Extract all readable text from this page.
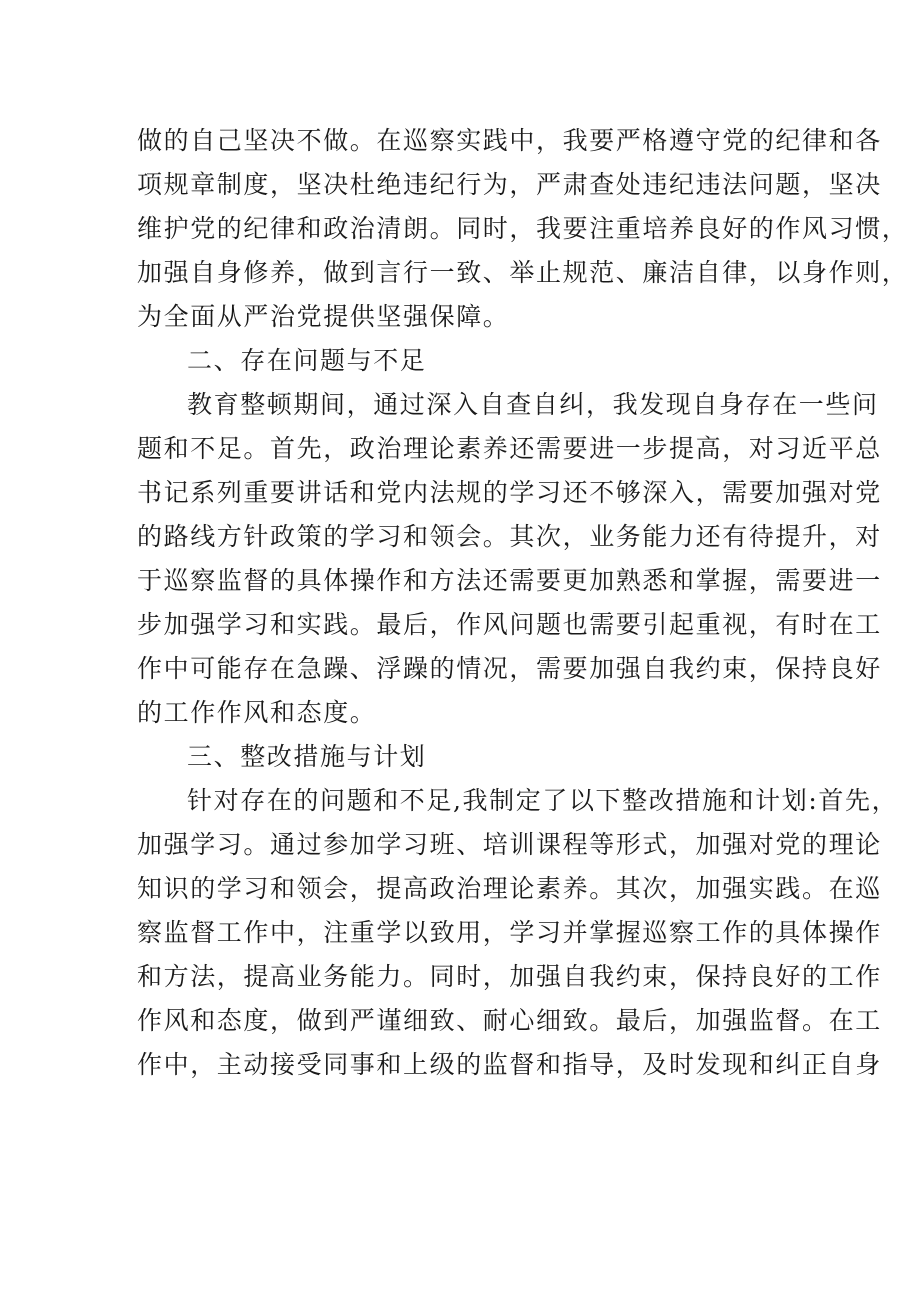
做的自己坚决不做。在巡察实践中，我要严格遵守党的纪律和各
项规章制度，坚决杜绝违纪行为，严肃查处违纪违法问题，坚决
维护党的纪律和政治清朗。同时，我要注重培养良好的作风习惯，
加强自身修养，做到言行一致、举止规范、廉洁自律，以身作则，
为全面从严治党提供坚强保障。
二、存在问题与不足
教育整顿期间，通过深入自查自纠，我发现自身存在一些问
题和不足。首先，政治理论素养还需要进一步提高，对习近平总
书记系列重要讲话和党内法规的学习还不够深入，需要加强对党
的路线方针政策的学习和领会。其次，业务能力还有待提升，对
于巡察监督的具体操作和方法还需要更加熟悉和掌握，需要进一
步加强学习和实践。最后，作风问题也需要引起重视，有时在工
作中可能存在急躁、浮躁的情况，需要加强自我约束，保持良好
的工作作风和态度。
三、整改措施与计划
针对存在的问题和不足,我制定了以下整改措施和计划:首先，
加强学习。通过参加学习班、培训课程等形式，加强对党的理论
知识的学习和领会，提高政治理论素养。其次，加强实践。在巡
察监督工作中，注重学以致用，学习并掌握巡察工作的具体操作
和方法，提高业务能力。同时，加强自我约束，保持良好的工作
作风和态度，做到严谨细致、耐心细致。最后，加强监督。在工
作中，主动接受同事和上级的监督和指导，及时发现和纠正自身
